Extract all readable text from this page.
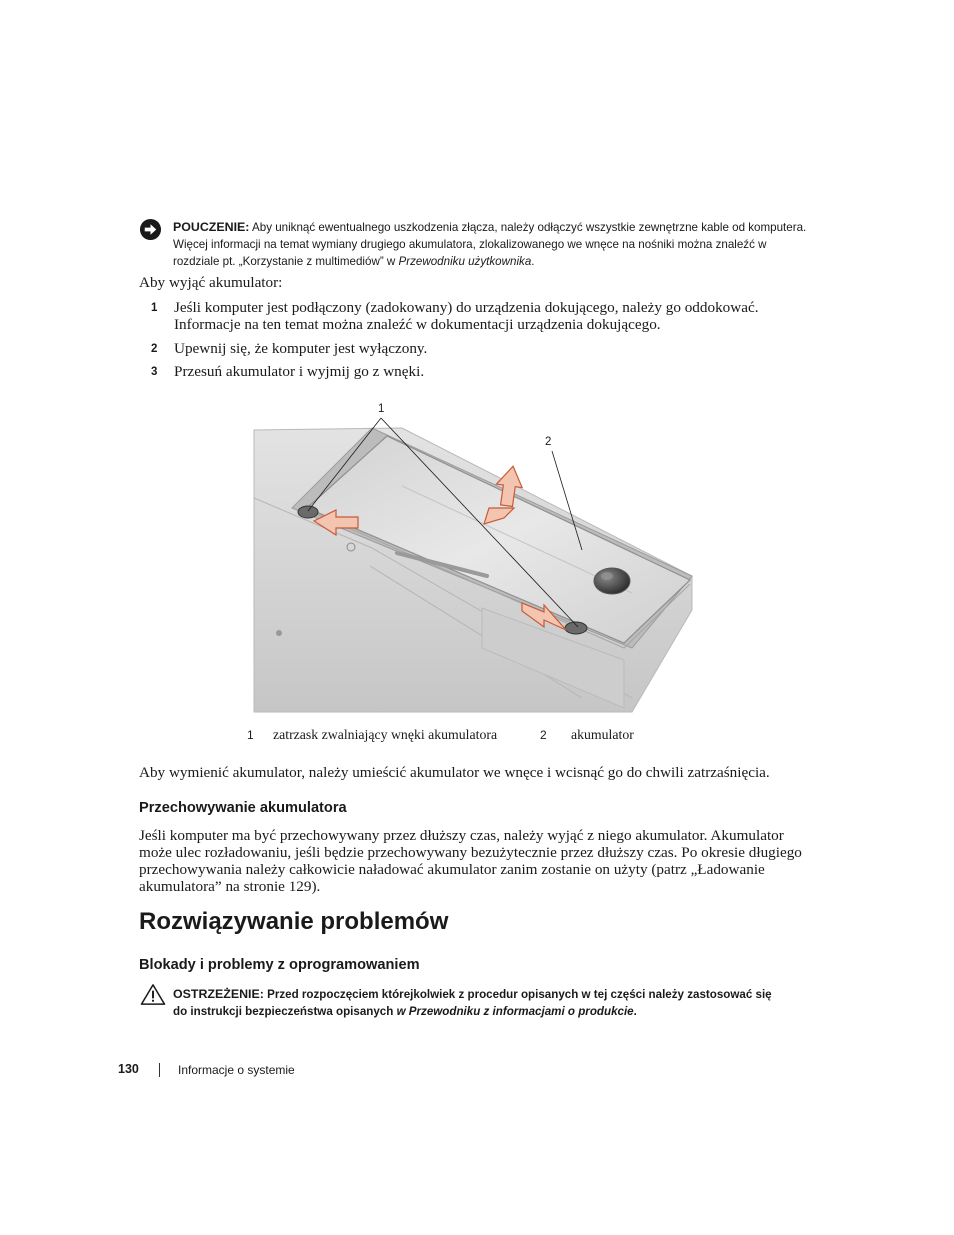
POUCZENIE: Aby uniknąć ewentualnego uszkodzenia złącza, należy odłączyć wszystkie zewnętrzne kable od komputera.
Więcej informacji na temat wymiany drugiego akumulatora, zlokalizowanego we wnęce na nośniki można znaleźć w
rozdziale pt. „Korzystanie z multimediów” w Przewodniku użytkownika.
Aby wyjąć akumulator:
1 Jeśli komputer jest podłączony (zadokowany) do urządzenia dokującego, należy go oddokować.
Informacje na ten temat można znaleźć w dokumentacji urządzenia dokującego.
2 Upewnij się, że komputer jest wyłączony.
3 Przesuń akumulator i wyjmij go z wnęki.
1
2
1 zatrzask zwalniający wnęki akumulatora	2 akumulator
Aby wymienić akumulator, należy umieścić akumulator we wnęce i wcisnąć go do chwili zatrzaśnięcia.
Przechowywanie akumulatora
Jeśli komputer ma być przechowywany przez dłuższy czas, należy wyjąć z niego akumulator. Akumulator
może ulec rozładowaniu, jeśli będzie przechowywany bezużytecznie przez dłuższy czas. Po okresie długiego
przechowywania należy całkowicie naładować akumulator zanim zostanie on użyty (patrz „Ładowanie
akumulatora” na stronie 129).
Rozwiązywanie problemów
Blokady i problemy z oprogramowaniem
OSTRZEŻENIE: Przed rozpoczęciem którejkolwiek z procedur opisanych w tej części należy zastosować się
do instrukcji bezpieczeństwa opisanych w Przewodniku z informacjami o produkcie.
130	Informacje o systemie
